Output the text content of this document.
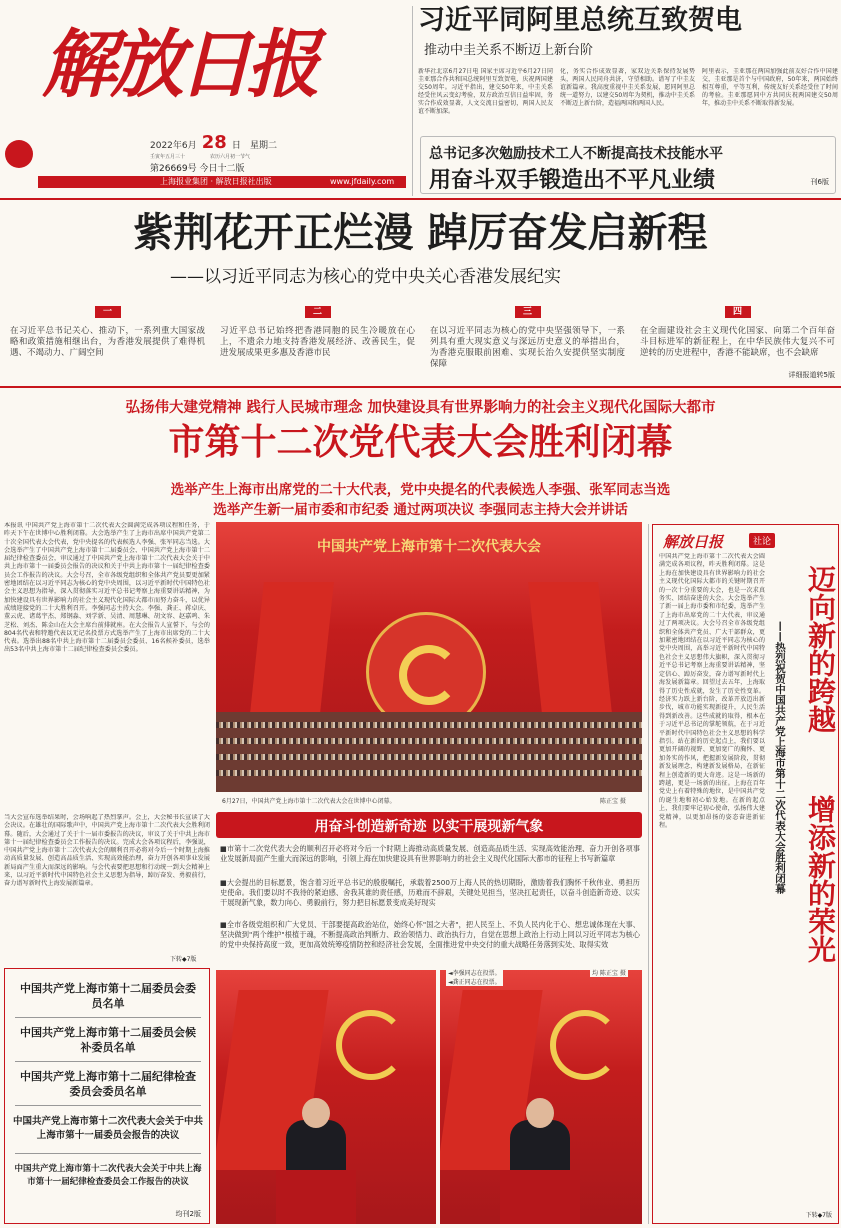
解放日报
2022年6月 28 日 星期二
壬寅年五月三十	农历六月初一节气
第26669号 今日十二版
上海报业集团 · 解放日报社出版	www.jfdaily.com
习近平同阿里总统互致贺电
推动中圭关系不断迈上新台阶
新华社北京6月27日电 国家主席习近平6月27日同圭亚那合作共和国总统阿里互致贺电，庆祝两国建交50周年。习近平指出，建交50年来，中圭关系经受住风云变幻考验，双方政治互信日益牢固，务实合作成效显著，人文交流日益密切，两国人民友谊不断加深。
化，务实合作成效显著，家双边关系保持发展势头，两国人民同舟共济，守望相助。谱写了中圭友谊新篇章。我高度重视中圭关系发展，愿同阿里总统一道努力，以建交50周年为契机，推动中圭关系不断迈上新台阶，造福两国和两国人民。
阿里表示，圭亚那在两国加强此前友好合作中国建交，圭亚那是首个与中国政府，50年来，两国始终相互尊重，平等互利，传统友好关系经受住了时间的考验。圭亚那愿同中方共同庆祝两国建交50周年，推动圭中关系不断取得新发展。
总书记多次勉励技术工人不断提高技术技能水平
用奋斗双手锻造出不平凡业绩	刊6版
紫荆花开正烂漫 踔厉奋发启新程
——以习近平同志为核心的党中央关心香港发展纪实
一
在习近平总书记关心、推动下，一系列重大国家战略和政策措施相继出台，为香港发展提供了难得机遇、不竭动力、广阔空间
二
习近平总书记始终把香港同胞的民生冷暖放在心上，不遗余力地支持香港发展经济、改善民生，促进发展成果更多惠及香港市民
三
在以习近平同志为核心的党中央坚强领导下，一系列具有重大现实意义与深远历史意义的举措出台，为香港克服眼前困难、实现长治久安提供坚实制度保障
四
在全面建设社会主义现代化国家、向第二个百年奋斗目标进军的新征程上，在中华民族伟大复兴不可逆转的历史进程中，香港不能缺席，也不会缺席
详细报道转5版
弘扬伟大建党精神 践行人民城市理念 加快建设具有世界影响力的社会主义现代化国际大都市
市第十二次党代表大会胜利闭幕
选举产生上海市出席党的二十大代表，党中央提名的代表候选人李强、张军同志当选
选举产生新一届市委和市纪委 通过两项决议 李强同志主持大会并讲话
本报讯 中国共产党上海市第十二次代表大会圆满完成各项议程和任务，于昨天下午在世博中心胜利闭幕。大会选举产生了上海市出席中国共产党第二十次全国代表大会代表，党中央提名的代表候选人李强、张军同志当选。大会选举产生了中国共产党上海市第十二届委员会、中国共产党上海市第十二届纪律检查委员会，审议通过了中国共产党上海市第十二次代表大会关于中共上海市第十一届委员会报告的决议和关于中共上海市第十一届纪律检查委员会工作报告的决议。大会号召，全市各级党组织和全体共产党员要更加紧密地团结在以习近平同志为核心的党中央周围，以习近平新时代中国特色社会主义思想为指导，深入贯彻落实习近平总书记考察上海重要讲话精神，为加快建设具有世界影响力的社会主义现代化国际大都市而努力奋斗，以优异成绩迎接党的二十大胜利召开。李强同志主持大会。李强、龚正、蒋卓庆、董云虎、诸葛宇杰、郑钢淼、刘学新、吴清、周慧琳、胡文容、赵嘉鸣、朱芝松、刘杰、陈金山在大会主席台前排就座。在大会报告人宣誓下，与会的804名代表和特邀代表以无记名投票方式选举产生了上海市出席党的二十大代表。选举出88名中共上海市第十二届委员会委员、16名候补委员，选举出53名中共上海市第十二届纪律检查委员会委员。
当大会宣布选举结果时，会场响起了热烈掌声。会上，大会秘书长宣读了大会决议。在雄壮的国际歌声中，中国共产党上海市第十二次代表大会胜利闭幕。随后，大会通过了关于十一届市委报告的决议，审议了关于中共上海市第十一届纪律检查委员会工作报告的决议。完成大会各项议程后，李强说，中国共产党上海市第十二次代表大会的顺利召开必将对今后一个时期上海推动高质量发展、创造高品质生活、实现高效能治理，奋力开创各项事业发展新局面产生重大而深远的影响。与会代表要把思想和行动统一到大会精神上来，以习近平新时代中国特色社会主义思想为指导，踔厉奋发、勇毅前行，奋力谱写新时代上海发展新篇章。
下转◆7版
中国共产党上海市第十二次代表大会
6月27日，中国共产党上海市第十二次代表大会在世博中心闭幕。	陈正宝 摄
用奋斗创造新奇迹 以实干展现新气象
■市第十二次党代表大会的顺利召开必将对今后一个时期上海推动高质量发展、创造高品质生活、实现高效能治理、奋力开创各项事业发展新局面产生重大而深远的影响，引领上海在加快建设具有世界影响力的社会主义现代化国际大都市的征程上书写新篇章
■大会提出的目标愿景，饱含着习近平总书记的殷殷嘱托，承载着2500万上海人民的热切期盼，激励着我们胸怀千秋伟业、勇担历史使命。我们要以时不我待的紧迫感、舍我其谁的责任感，历难而不辞艰，关键处见担当，坚决扛起责任，以奋斗创造新奇迹、以实干展现新气象，数力向心、勇毅前行，努力把目标愿景变成美好现实
■全市各级党组织和广大党员、干部要提高政治站位，始终心怀"国之大者"，把人民至上、不负人民内化于心、想忠诚体现在大事、坚决做到"两个维护"根植于魂，不断提高政治判断力、政治领悟力、政治执行力，自觉在思想上政治上行动上同以习近平同志为核心的党中央保持高度一致，更加高效统筹疫情防控和经济社会发展，全面推进党中央交付的重大战略任务落到实处、取得实效
中国共产党上海市第十二届委员会委员名单
中国共产党上海市第十二届委员会候补委员名单
中国共产党上海市第十二届纪律检查委员会委员名单
中国共产党上海市第十二次代表大会关于中共上海市第十一届委员会报告的决议
中国共产党上海市第十二次代表大会关于中共上海市第十一届纪律检查委员会工作报告的决议
均刊2版
◄李强同志在投票。
◄龚正同志在投票。
均 陈正宝 摄
解放日报	社论
中国共产党上海市第十二次代表大会圆满完成各项议程，昨天胜利闭幕。这是上海在加快建设具有世界影响力的社会主义现代化国际大都市的关键时期召开的一次十分重要的大会，也是一次求真务实、团结奋进的大会。大会选举产生了新一届上海市委和市纪委，选举产生了上海市出席党的二十大代表，审议通过了两项决议。大会号召全市各级党组织和全体共产党员、广大干部群众，更加紧密地团结在以习近平同志为核心的党中央周围，高举习近平新时代中国特色社会主义思想伟大旗帜，深入贯彻习近平总书记考察上海重要讲话精神，坚定信心、踔厉奋发，奋力谱写新时代上海发展新篇章。回望过去五年，上海取得了历史性成就，发生了历史性变革。经济实力跃上新台阶，改革开放迈出新步伐，城市功能实现新提升，人民生活得到新改善。这些成就的取得，根本在于习近平总书记的掌舵领航，在于习近平新时代中国特色社会主义思想的科学指引。站在新的历史起点上，我们要以更加开阔的视野、更加宽广的胸怀、更加务实的作风，把握新发展阶段，贯彻新发展理念，构建新发展格局，在新征程上创造新的更大奇迹。这是一场新的跨越，更是一场新的出征。上海在百年党史上有着特殊的地位，是中国共产党的诞生地和初心始发地。在新的起点上，我们要牢记初心使命，弘扬伟大建党精神，以更加昂扬的姿态奋进新征程。
迈向新的跨越
增添新的荣光
——热烈祝贺中国共产党上海市第十二次代表大会胜利闭幕
下转◆7版
